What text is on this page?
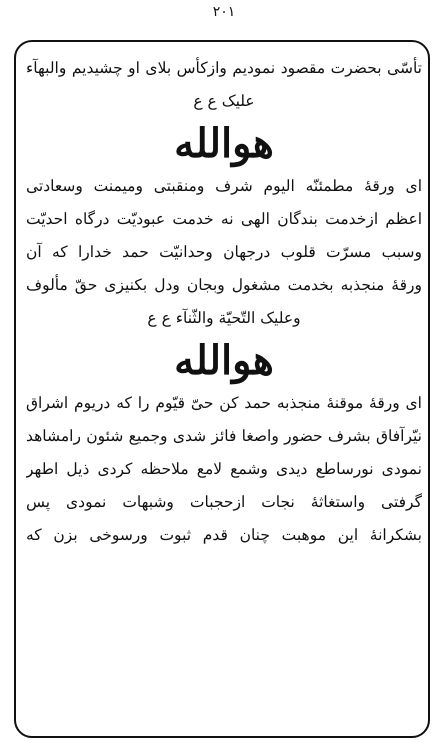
۲۰۱
تأسّی بحضرت مقصود نمودیم وازکأس بلای او چشیدیم والبهآء
علیک ع ع
هوالله
ای ورقهٔ مطمئنّه الیوم شرف ومنقبتی ومیمنت وسعادتی
اعظم ازخدمت بندگان الهی نه خدمت عبودیّت درگاه احدیّت
وسبب مسرّت قلوب درجهان وحدانیّت حمد خدارا که آن
ورقهٔ منجذبه بخدمت مشغول وبجان ودل بکنیزی حقّ مألوف
وعلیک التّحیّة والثّنآء ع ع
هوالله
ای ورقهٔ موقنهٔ منجذبه حمد کن حیّ قیّوم را که دریوم اشراق
نیّرآفاق بشرف حضور واصغا فائز شدی وجمیع شئون رامشاهد
نمودی نورساطع دیدی وشمع لامع ملاحظه کردی ذیل اطهر
گرفتی واستغاثهٔ نجات ازحجبات وشبهات نمودی پس
بشکرانهٔ این موهبت چنان قدم ثبوت ورسوخی بزن که
